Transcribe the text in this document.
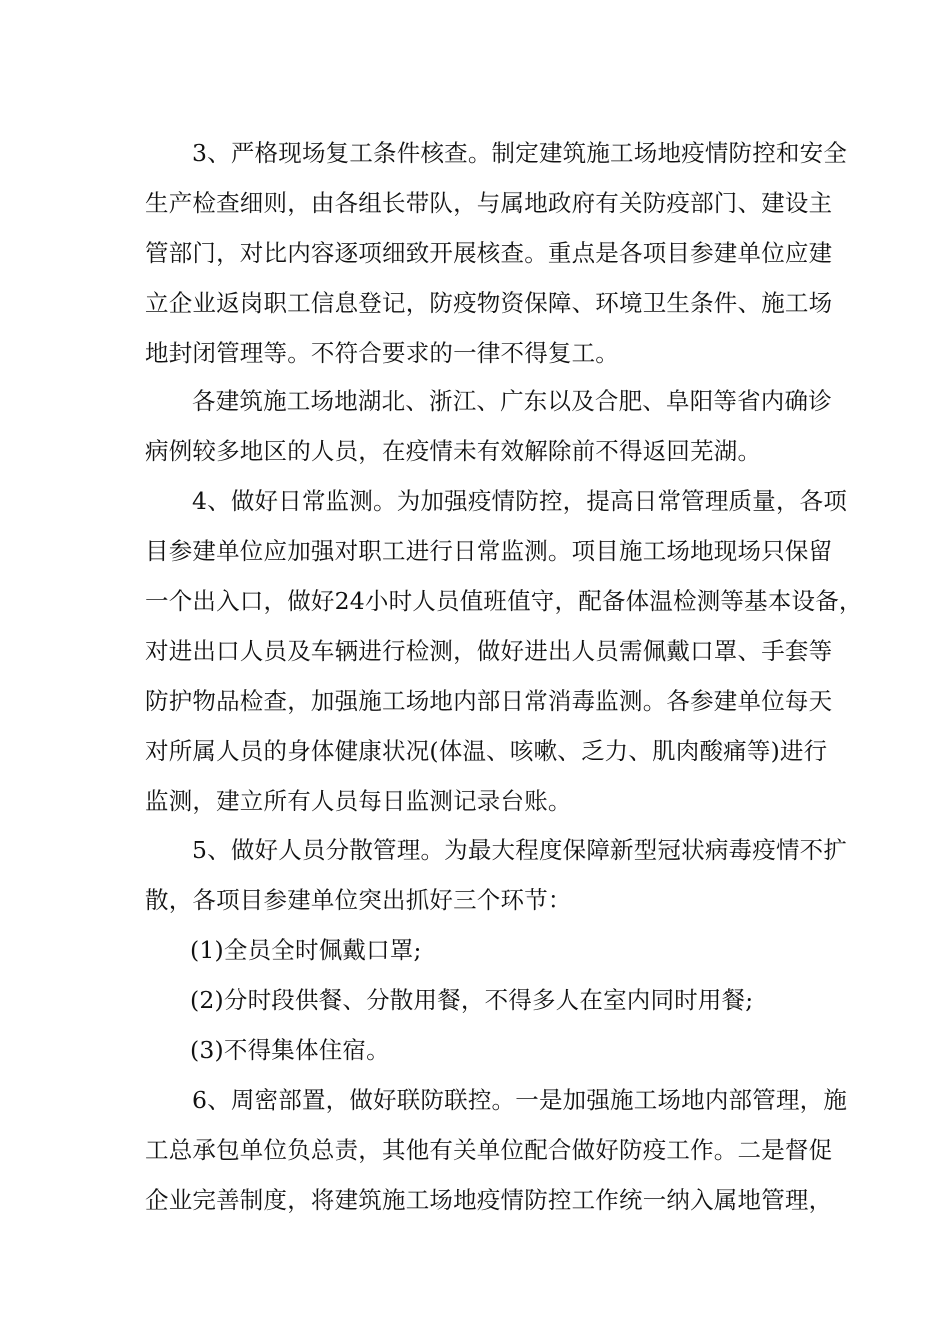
3、严格现场复工条件核查。制定建筑施工场地疫情防控和安全
生产检查细则，由各组长带队，与属地政府有关防疫部门、建设主
管部门，对比内容逐项细致开展核查。重点是各项目参建单位应建
立企业返岗职工信息登记，防疫物资保障、环境卫生条件、施工场
地封闭管理等。不符合要求的一律不得复工。
各建筑施工场地湖北、浙江、广东以及合肥、阜阳等省内确诊
病例较多地区的人员，在疫情未有效解除前不得返回芜湖。
4、做好日常监测。为加强疫情防控，提高日常管理质量，各项
目参建单位应加强对职工进行日常监测。项目施工场地现场只保留
一个出入口，做好24小时人员值班值守，配备体温检测等基本设备，
对进出口人员及车辆进行检测，做好进出人员需佩戴口罩、手套等
防护物品检查，加强施工场地内部日常消毒监测。各参建单位每天
对所属人员的身体健康状况(体温、咳嗽、乏力、肌肉酸痛等)进行
监测，建立所有人员每日监测记录台账。
5、做好人员分散管理。为最大程度保障新型冠状病毒疫情不扩
散，各项目参建单位突出抓好三个环节：
(1)全员全时佩戴口罩;
(2)分时段供餐、分散用餐，不得多人在室内同时用餐;
(3)不得集体住宿。
6、周密部置，做好联防联控。一是加强施工场地内部管理，施
工总承包单位负总责，其他有关单位配合做好防疫工作。二是督促
企业完善制度，将建筑施工场地疫情防控工作统一纳入属地管理，
